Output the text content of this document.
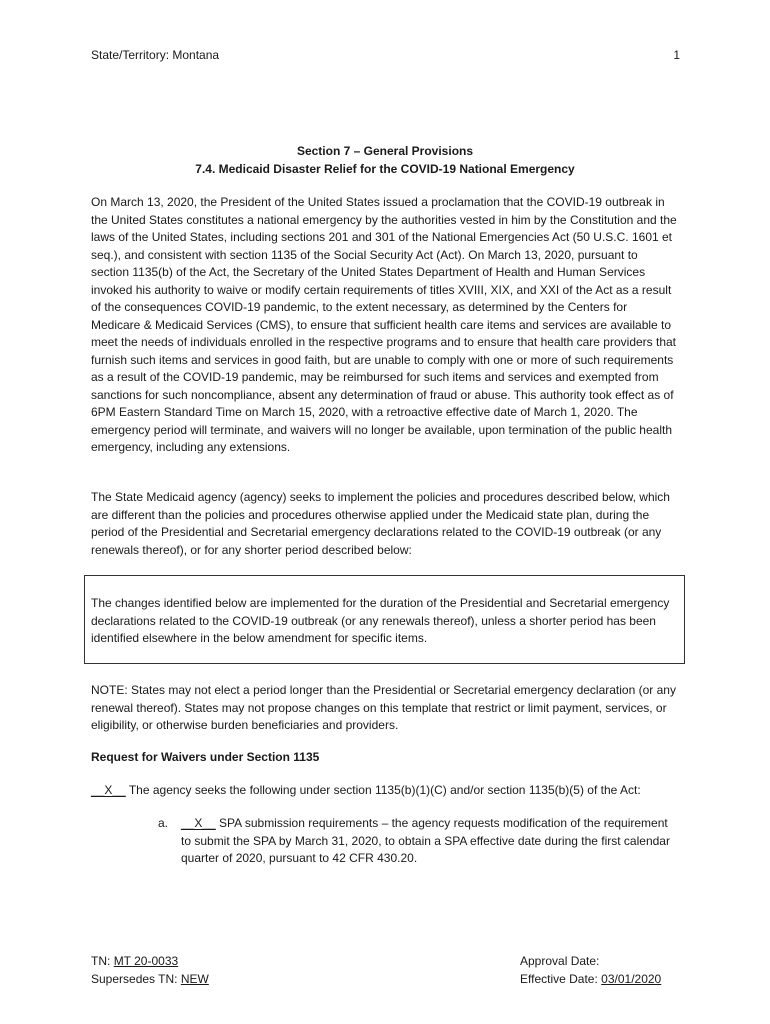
State/Territory: Montana	1
Section 7 – General Provisions
7.4. Medicaid Disaster Relief for the COVID-19 National Emergency

On March 13, 2020, the President of the United States issued a proclamation that the COVID-19 outbreak in the United States constitutes a national emergency by the authorities vested in him by the Constitution and the laws of the United States, including sections 201 and 301 of the National Emergencies Act (50 U.S.C. 1601 et seq.), and consistent with section 1135 of the Social Security Act (Act). On March 13, 2020, pursuant to section 1135(b) of the Act, the Secretary of the United States Department of Health and Human Services invoked his authority to waive or modify certain requirements of titles XVIII, XIX, and XXI of the Act as a result of the consequences COVID-19 pandemic, to the extent necessary, as determined by the Centers for Medicare & Medicaid Services (CMS), to ensure that sufficient health care items and services are available to meet the needs of individuals enrolled in the respective programs and to ensure that health care providers that furnish such items and services in good faith, but are unable to comply with one or more of such requirements as a result of the COVID-19 pandemic, may be reimbursed for such items and services and exempted from sanctions for such noncompliance, absent any determination of fraud or abuse. This authority took effect as of 6PM Eastern Standard Time on March 15, 2020, with a retroactive effective date of March 1, 2020. The emergency period will terminate, and waivers will no longer be available, upon termination of the public health emergency, including any extensions.

The State Medicaid agency (agency) seeks to implement the policies and procedures described below, which are different than the policies and procedures otherwise applied under the Medicaid state plan, during the period of the Presidential and Secretarial emergency declarations related to the COVID-19 outbreak (or any renewals thereof), or for any shorter period described below:

The changes identified below are implemented for the duration of the Presidential and Secretarial emergency declarations related to the COVID-19 outbreak (or any renewals thereof), unless a shorter period has been identified elsewhere in the below amendment for specific items.

NOTE: States may not elect a period longer than the Presidential or Secretarial emergency declaration (or any renewal thereof). States may not propose changes on this template that restrict or limit payment, services, or eligibility, or otherwise burden beneficiaries and providers.

Request for Waivers under Section 1135
__X__ The agency seeks the following under section 1135(b)(1)(C) and/or section 1135(b)(5) of the Act:
a. __X__ SPA submission requirements – the agency requests modification of the requirement to submit the SPA by March 31, 2020, to obtain a SPA effective date during the first calendar quarter of 2020, pursuant to 42 CFR 430.20.
TN: MT 20-0033
Supersedes TN: NEW
Approval Date:
Effective Date: 03/01/2020
